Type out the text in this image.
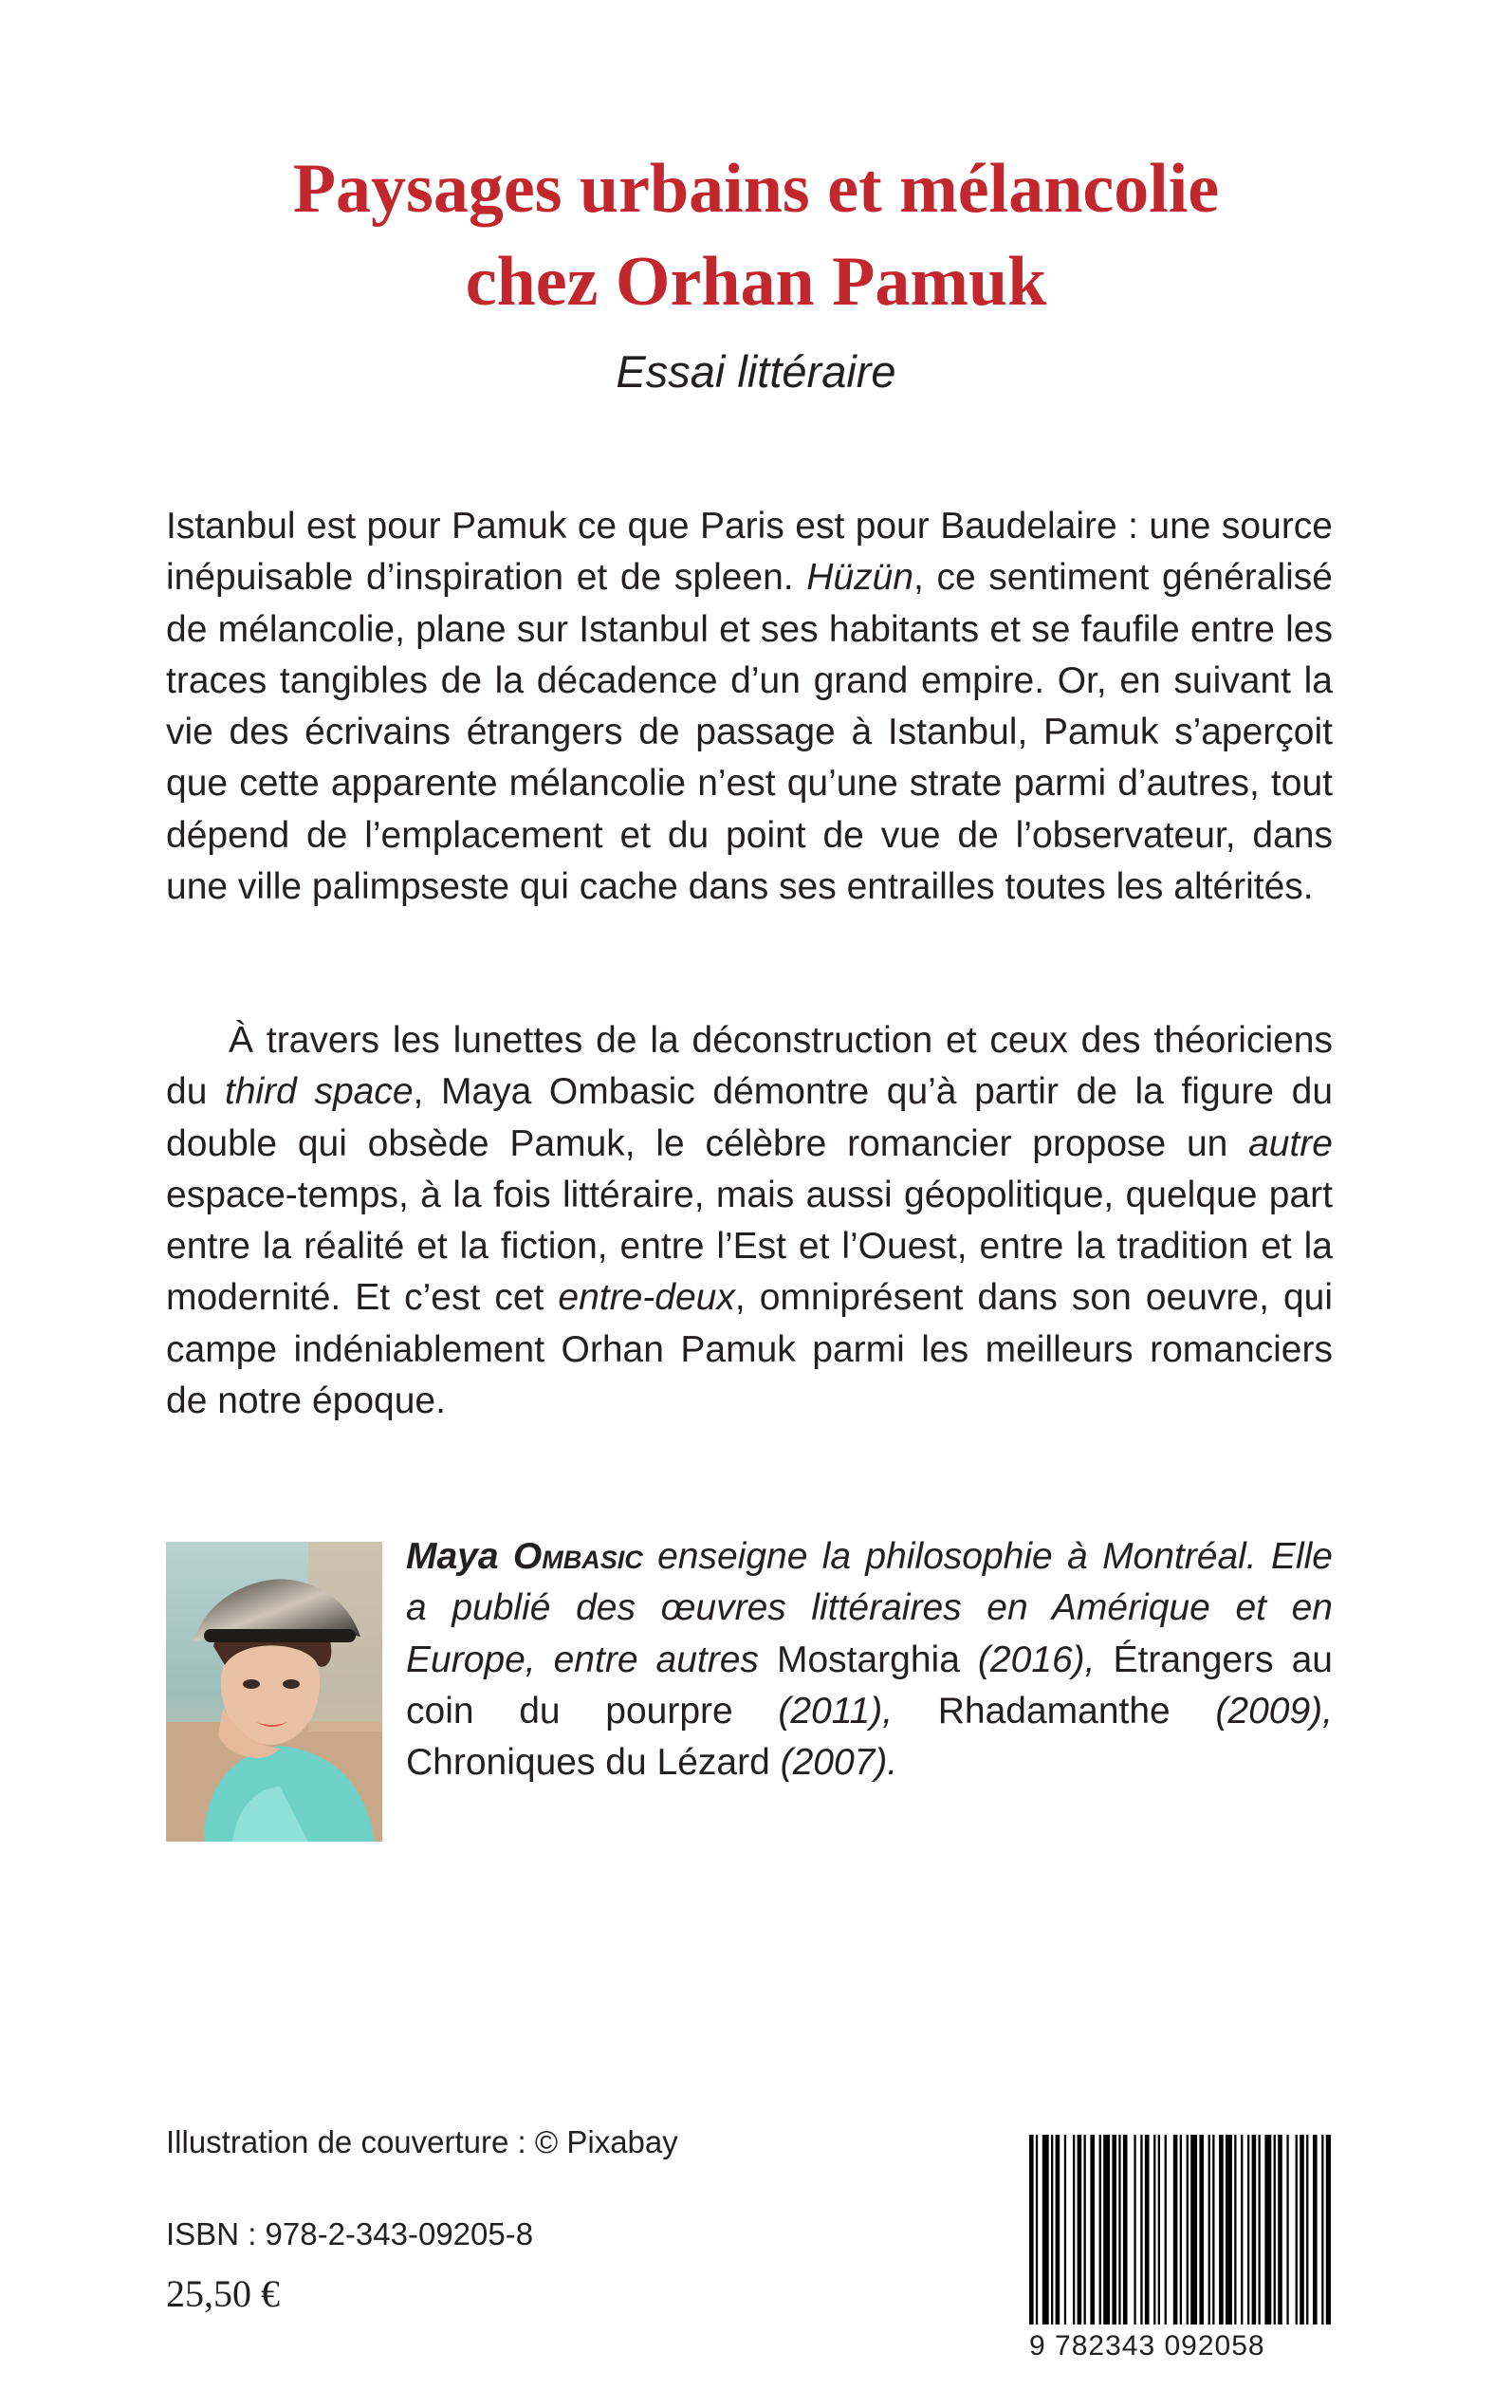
Paysages urbains et mélancolie
chez Orhan Pamuk
Essai littéraire

Istanbul est pour Pamuk ce que Paris est pour Baudelaire : une source inépuisable d’inspiration et de spleen. Hüzün, ce sentiment généralisé de mélancolie, plane sur Istanbul et ses habitants et se faufile entre les traces tangibles de la décadence d’un grand empire. Or, en suivant la vie des écrivains étrangers de passage à Istanbul, Pamuk s’aperçoit que cette apparente mélancolie n’est qu’une strate parmi d’autres, tout dépend de l’emplacement et du point de vue de l’observateur, dans une ville palimpseste qui cache dans ses entrailles toutes les altérités.

À travers les lunettes de la déconstruction et ceux des théoriciens du third space, Maya Ombasic démontre qu’à partir de la figure du double qui obsède Pamuk, le célèbre romancier propose un autre espace-temps, à la fois littéraire, mais aussi géopolitique, quelque part entre la réalité et la fiction, entre l’Est et l’Ouest, entre la tradition et la modernité. Et c’est cet entre-deux, omniprésent dans son oeuvre, qui campe indéniablement Orhan Pamuk parmi les meilleurs romanciers de notre époque.

Maya Ombasic enseigne la philosophie à Montréal. Elle a publié des œuvres littéraires en Amérique et en Europe, entre autres Mostarghia (2016), Étrangers au coin du pourpre (2011), Rhadamanthe (2009), Chroniques du Lézard (2007).

Illustration de couverture : © Pixabay
ISBN : 978-2-343-09205-8
25,50 €
9 782343 092058
